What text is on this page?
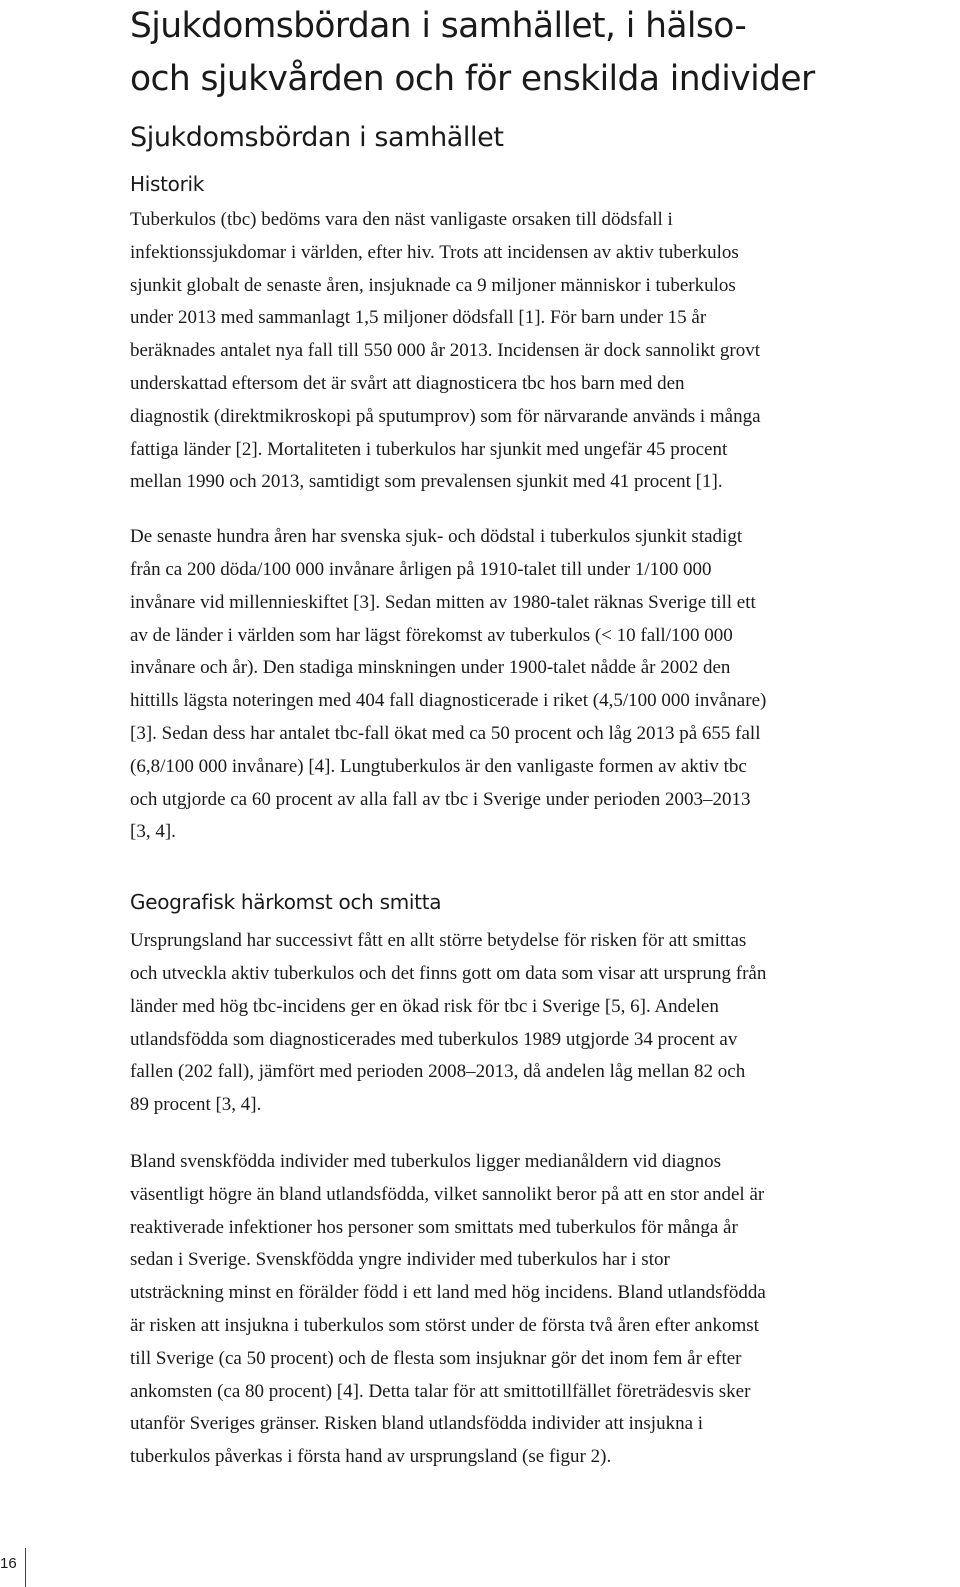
Sjukdomsbördan i samhället, i hälso-
och sjukvården och för enskilda individer
Sjukdomsbördan i samhället
Historik

Tuberkulos (tbc) bedöms vara den näst vanligaste orsaken till dödsfall i
infektionssjukdomar i världen, efter hiv. Trots att incidensen av aktiv tuberkulos
sjunkit globalt de senaste åren, insjuknade ca 9 miljoner människor i tuberkulos
under 2013 med sammanlagt 1,5 miljoner dödsfall [1]. För barn under 15 år
beräknades antalet nya fall till 550 000 år 2013. Incidensen är dock sannolikt grovt
underskattad eftersom det är svårt att diagnosticera tbc hos barn med den
diagnostik (direktmikroskopi på sputumprov) som för närvarande används i många
fattiga länder [2]. Mortaliteten i tuberkulos har sjunkit med ungefär 45 procent
mellan 1990 och 2013, samtidigt som prevalensen sjunkit med 41 procent [1].

De senaste hundra åren har svenska sjuk- och dödstal i tuberkulos sjunkit stadigt
från ca 200 döda/100 000 invånare årligen på 1910-talet till under 1/100 000
invånare vid millennieskiftet [3]. Sedan mitten av 1980-talet räknas Sverige till ett
av de länder i världen som har lägst förekomst av tuberkulos (< 10 fall/100 000
invånare och år). Den stadiga minskningen under 1900-talet nådde år 2002 den
hittills lägsta noteringen med 404 fall diagnosticerade i riket (4,5/100 000 invånare)
[3]. Sedan dess har antalet tbc-fall ökat med ca 50 procent och låg 2013 på 655 fall
(6,8/100 000 invånare) [4]. Lungtuberkulos är den vanligaste formen av aktiv tbc
och utgjorde ca 60 procent av alla fall av tbc i Sverige under perioden 2003–2013
[3, 4].

Geografisk härkomst och smitta

Ursprungsland har successivt fått en allt större betydelse för risken för att smittas
och utveckla aktiv tuberkulos och det finns gott om data som visar att ursprung från
länder med hög tbc-incidens ger en ökad risk för tbc i Sverige [5, 6]. Andelen
utlandsfödda som diagnosticerades med tuberkulos 1989 utgjorde 34 procent av
fallen (202 fall), jämfört med perioden 2008–2013, då andelen låg mellan 82 och
89 procent [3, 4].

Bland svenskfödda individer med tuberkulos ligger medianåldern vid diagnos
väsentligt högre än bland utlandsfödda, vilket sannolikt beror på att en stor andel är
reaktiverade infektioner hos personer som smittats med tuberkulos för många år
sedan i Sverige. Svenskfödda yngre individer med tuberkulos har i stor
utsträckning minst en förälder född i ett land med hög incidens. Bland utlandsfödda
är risken att insjukna i tuberkulos som störst under de första två åren efter ankomst
till Sverige (ca 50 procent) och de flesta som insjuknar gör det inom fem år efter
ankomsten (ca 80 procent) [4]. Detta talar för att smittotillfället företrädesvis sker
utanför Sveriges gränser. Risken bland utlandsfödda individer att insjukna i
tuberkulos påverkas i första hand av ursprungsland (se figur 2).

16
